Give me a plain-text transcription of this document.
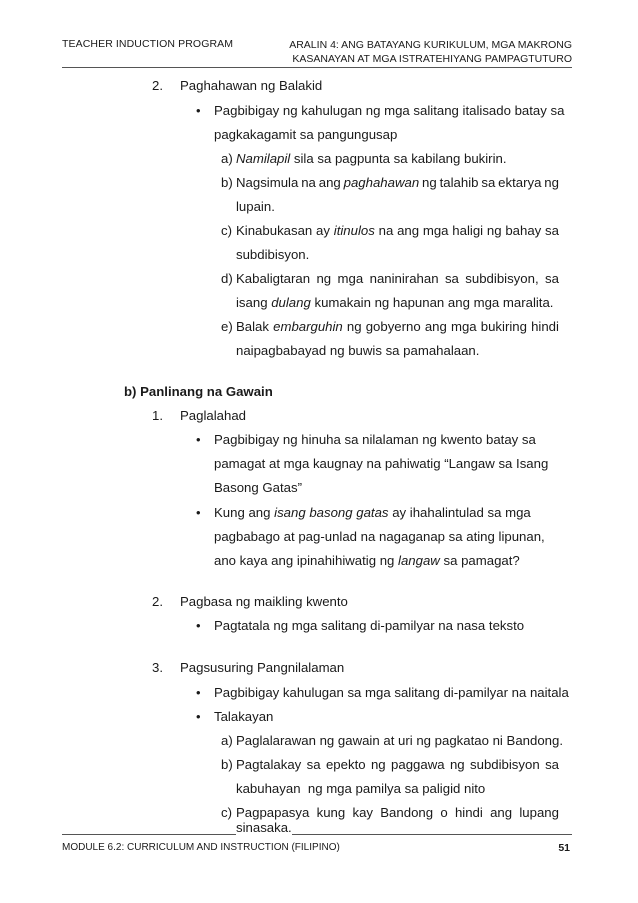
TEACHER INDUCTION PROGRAM	ARALIN 4: ANG BATAYANG KURIKULUM, MGA MAKRONG
KASANAYAN AT MGA ISTRATEHIYANG PAMPAGTUTURO
2. Paghahawan ng Balakid
• Pagbibigay ng kahulugan ng mga salitang italisado batay sa
pagkakagamit sa pangungusap
a) Namilapil sila sa pagpunta sa kabilang bukirin.
b) Nagsimula na ang paghahawan ng talahib sa ektarya ng
lupain.
c) Kinabukasan ay itinulos na ang mga haligi ng bahay sa
subdibisyon.
d) Kabaligtaran ng mga naninirahan sa subdibisyon, sa
isang dulang kumakain ng hapunan ang mga maralita.
e) Balak embarguhin ng gobyerno ang mga bukiring hindi
naipagbabayad ng buwis sa pamahalaan.
b) Panlinang na Gawain
1. Paglalahad
• Pagbibigay ng hinuha sa nilalaman ng kwento batay sa
pamagat at mga kaugnay na pahiwatig “Langaw sa Isang
Basong Gatas”
• Kung ang isang basong gatas ay ihahalintulad sa mga
pagbabago at pag-unlad na nagaganap sa ating lipunan,
ano kaya ang ipinahihiwatig ng langaw sa pamagat?
2. Pagbasa ng maikling kwento
• Pagtatala ng mga salitang di-pamilyar na nasa teksto
3. Pagsusuring Pangnilalaman
• Pagbibigay kahulugan sa mga salitang di-pamilyar na naitala
• Talakayan
a) Paglalarawan ng gawain at uri ng pagkatao ni Bandong.
b) Pagtalakay sa epekto ng paggawa ng subdibisyon sa
kabuhayan  ng mga pamilya sa paligid nito
c) Pagpapasya kung kay Bandong o hindi ang lupang
MODULE 6.2: CURRICULUM AND INSTRUCTION (FILIPINO)	51
sinasaka.
